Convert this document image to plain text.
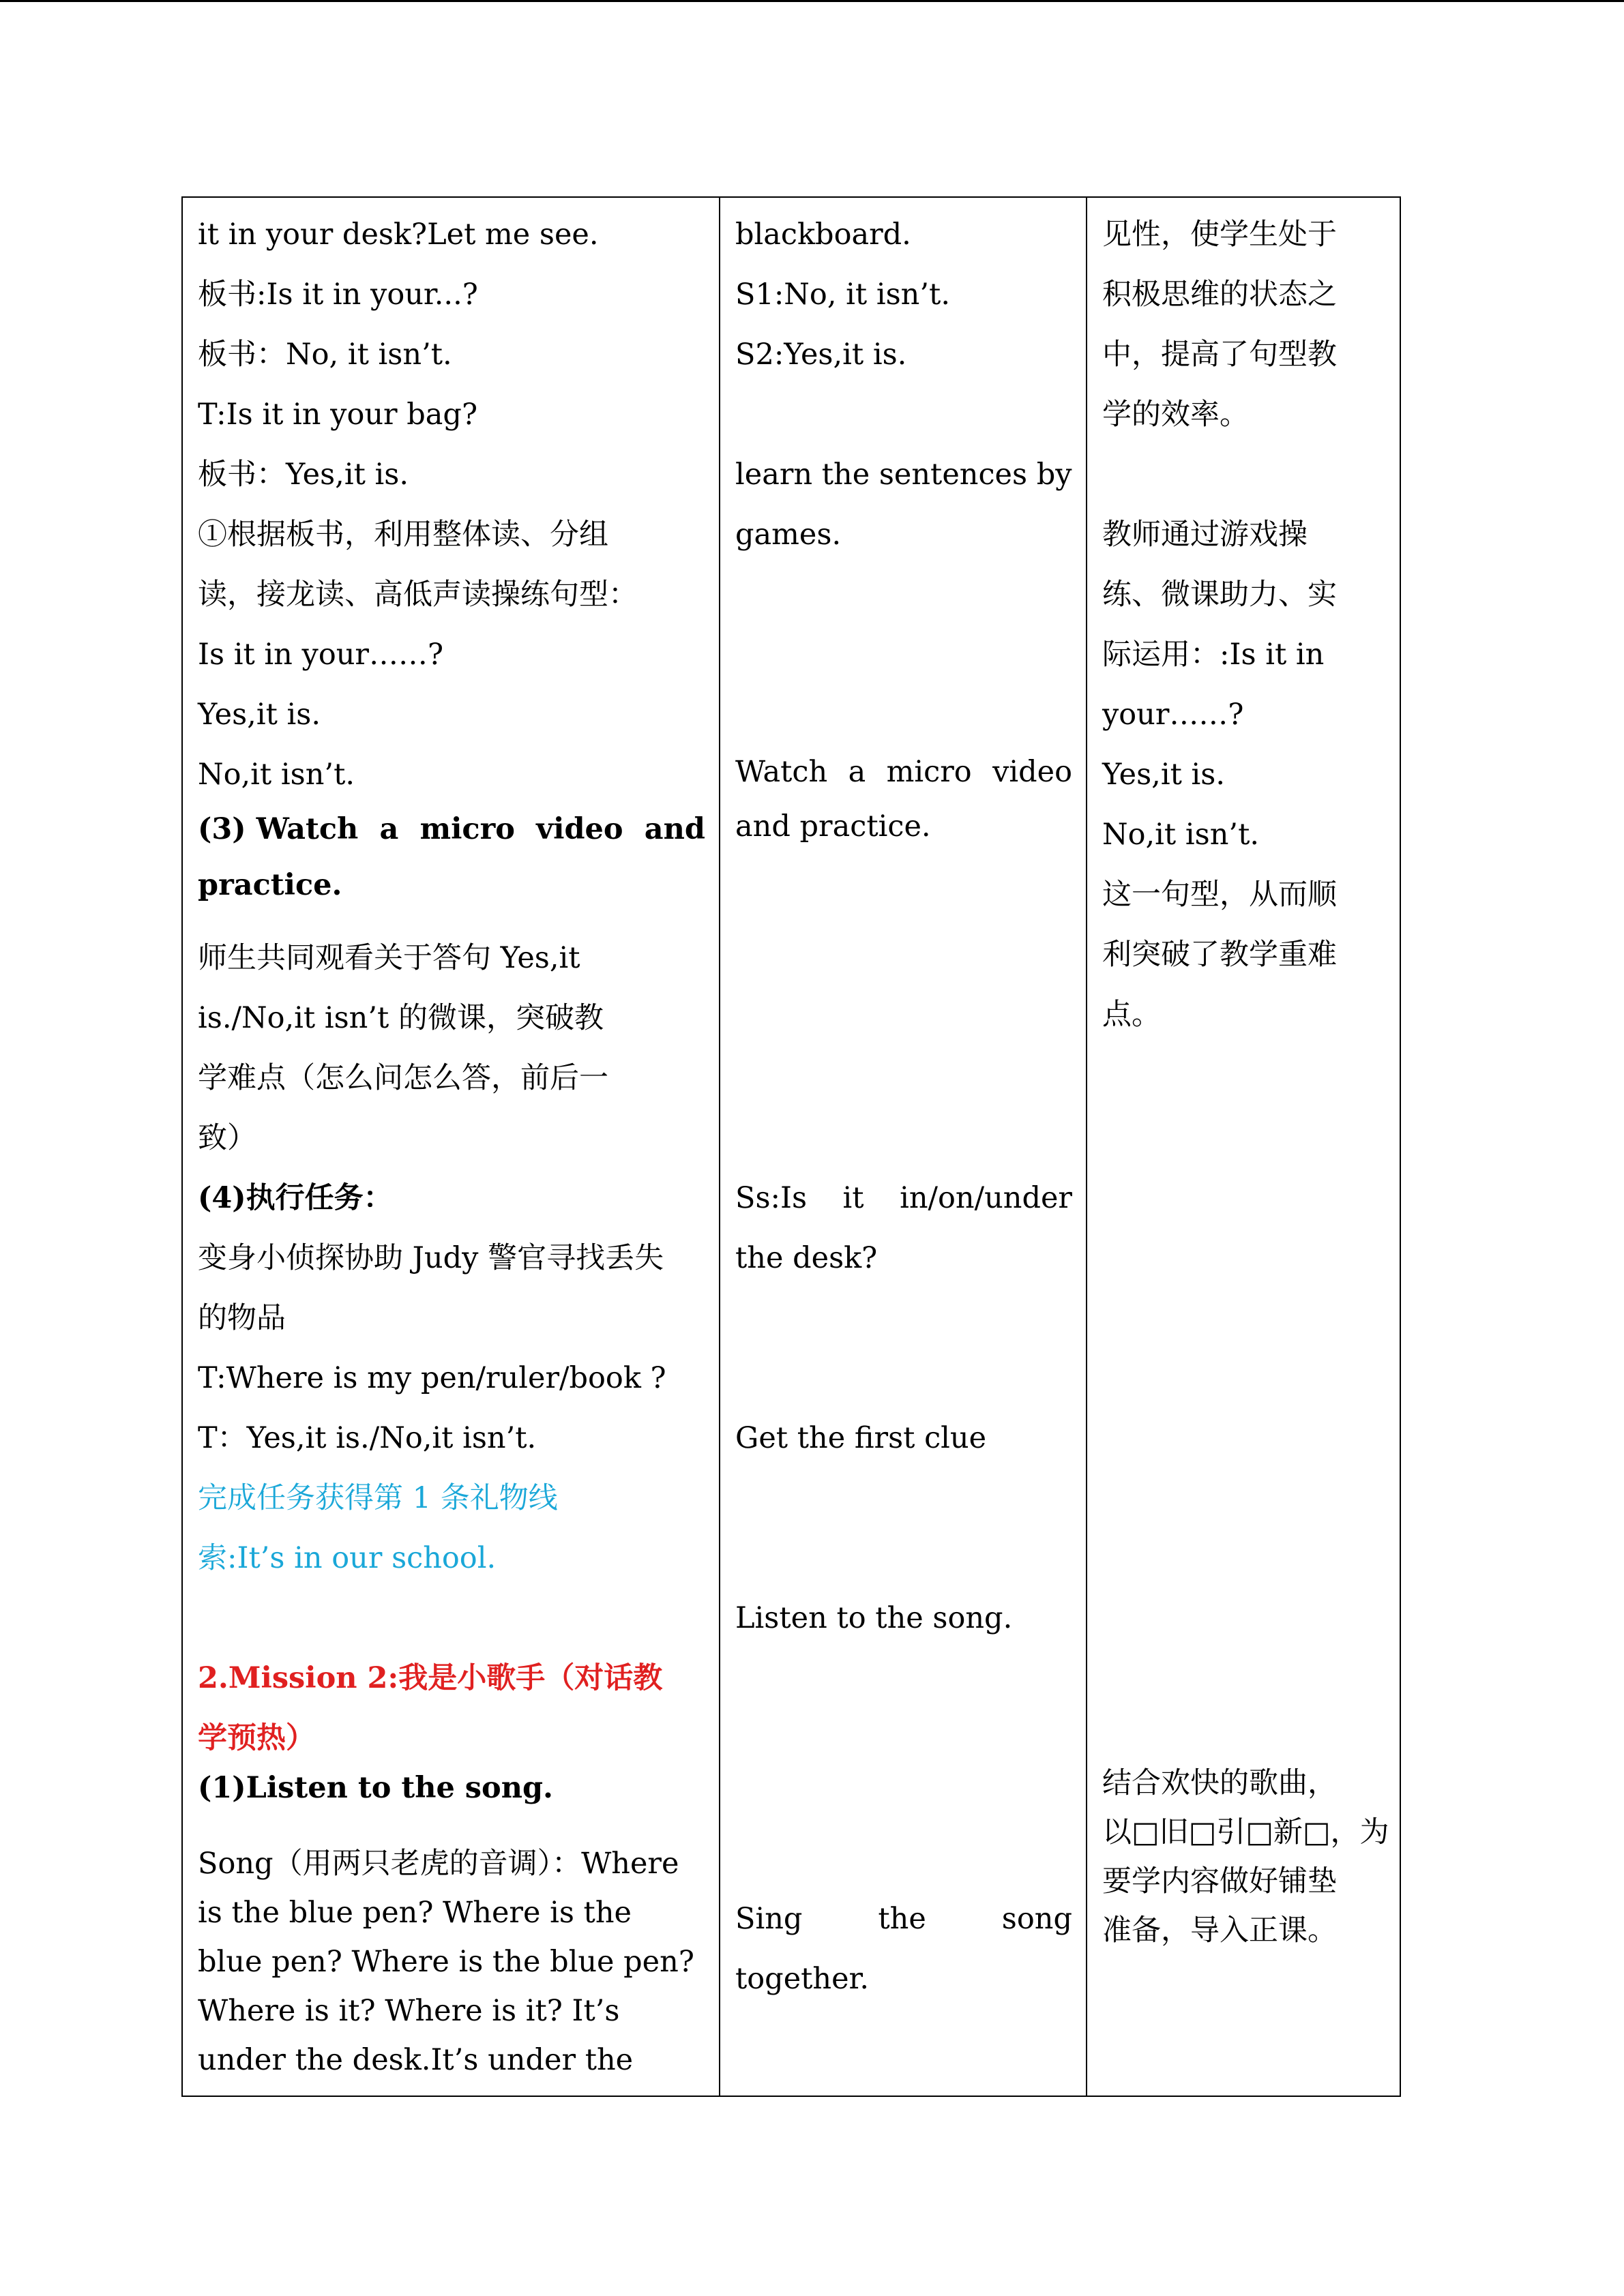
it in your desk?Let me see.
板书:Is it in your...?
板书：No, it isn’t.
T:Is it in your bag?
板书：Yes,it is.
①根据板书，利用整体读、分组
读，接龙读、高低声读操练句型：
Is it in your……?
Yes,it is.
No,it isn’t.
(3) Watch a micro video and
practice.
师生共同观看关于答句 Yes,it
is./No,it isn’t 的微课，突破教
学难点（怎么问怎么答，前后一
致）
(4)执行任务：
变身小侦探协助 Judy 警官寻找丢失
的物品
T:Where is my pen/ruler/book ?
T：Yes,it is./No,it isn’t.
完成任务获得第 1 条礼物线
索:It’s in our school.
2.Mission 2:我是小歌手（对话教
学预热）
(1)Listen to the song.
Song（用两只老虎的音调）：Where
is the blue pen? Where is the
blue pen? Where is the blue pen?
Where is it? Where is it? It’s
under the desk.It’s under the
blackboard.
S1:No, it isn’t.
S2:Yes,it is.
learn the sentences by
games.
Watch a micro video
and practice.
Ss:Is it in/on/under
the desk?
Get the first clue
Listen to the song.
Sing	the	song
together.
见性，使学生处于
积极思维的状态之
中，提高了句型教
学的效率。
教师通过游戏操
练、微课助力、实
际运用：:Is it in
your……?
Yes,it is.
No,it isn’t.
这一句型，从而顺
利突破了教学重难
点。
结合欢快的歌曲，
以□旧□引□新□， 为
要学内容做好铺垫
准备，导入正课。
